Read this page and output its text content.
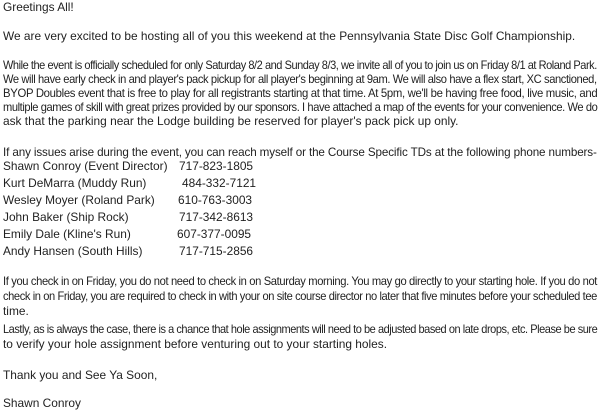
Greetings All!
We are very excited to be hosting all of you this weekend at the Pennsylvania State Disc Golf Championship.
While the event is officially scheduled for only Saturday 8/2 and Sunday 8/3, we invite all of you to join us on Friday 8/1 at Roland Park.
We will have early check in and player's pack pickup for all player's beginning at 9am. We will also have a flex start, XC sanctioned,
BYOP Doubles event that is free to play for all registrants starting at that time. At 5pm, we'll be having free food, live music, and
multiple games of skill with great prizes provided by our sponsors. I have attached a map of the events for your convenience. We do
ask that the parking near the Lodge building be reserved for player's pack pick up only.
If any issues arise during the event, you can reach myself or the Course Specific TDs at the following phone numbers-
Shawn Conroy (Event Director) 717-823-1805
Kurt DeMarra (Muddy Run)	484-332-7121
Wesley Moyer (Roland Park) 610-763-3003
John Baker (Ship Rock)	717-342-8613
Emily Dale (Kline's Run)	607-377-0095
Andy Hansen (South Hills)	717-715-2856
If you check in on Friday, you do not need to check in on Saturday morning. You may go directly to your starting hole. If you do not
check in on Friday, you are required to check in with your on site course director no later that five minutes before your scheduled tee
time.
Lastly, as is always the case, there is a chance that hole assignments will need to be adjusted based on late drops, etc. Please be sure
to verify your hole assignment before venturing out to your starting holes.
Thank you and See Ya Soon,
Shawn Conroy
